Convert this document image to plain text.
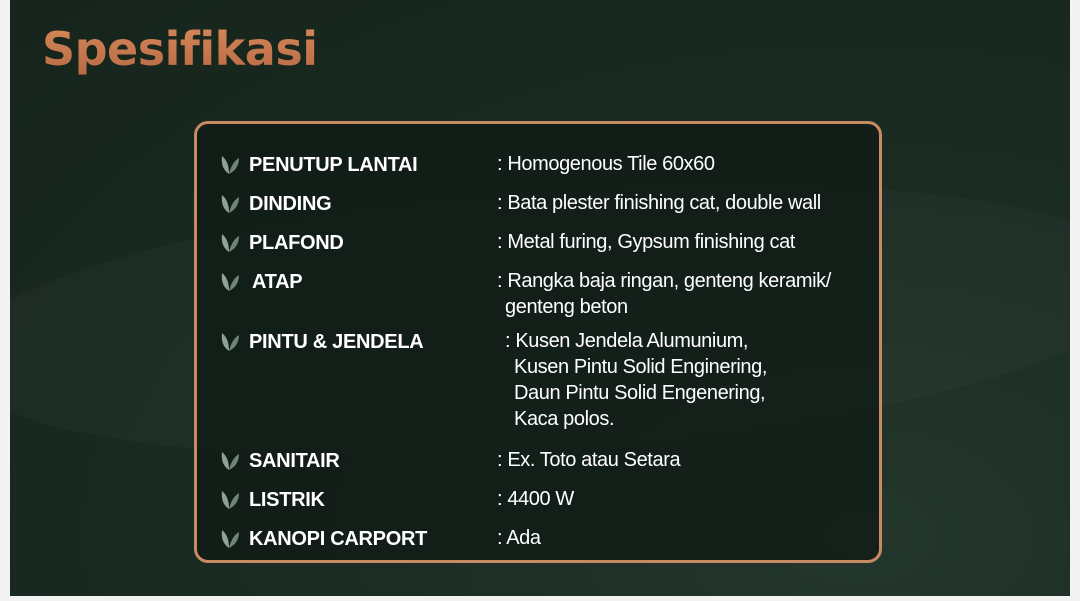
Spesifikasi
PENUTUP LANTAI	: Homogenous Tile 60x60
DINDING	: Bata plester finishing cat, double wall
PLAFOND	: Metal furing, Gypsum finishing cat
ATAP	: Rangka baja ringan, genteng keramik/
genteng beton
PINTU & JENDELA	: Kusen Jendela Alumunium,
Kusen Pintu Solid Enginering,
Daun Pintu Solid Engenering,
Kaca polos.
SANITAIR	: Ex. Toto atau Setara
LISTRIK	: 4400 W
KANOPI CARPORT	: Ada
